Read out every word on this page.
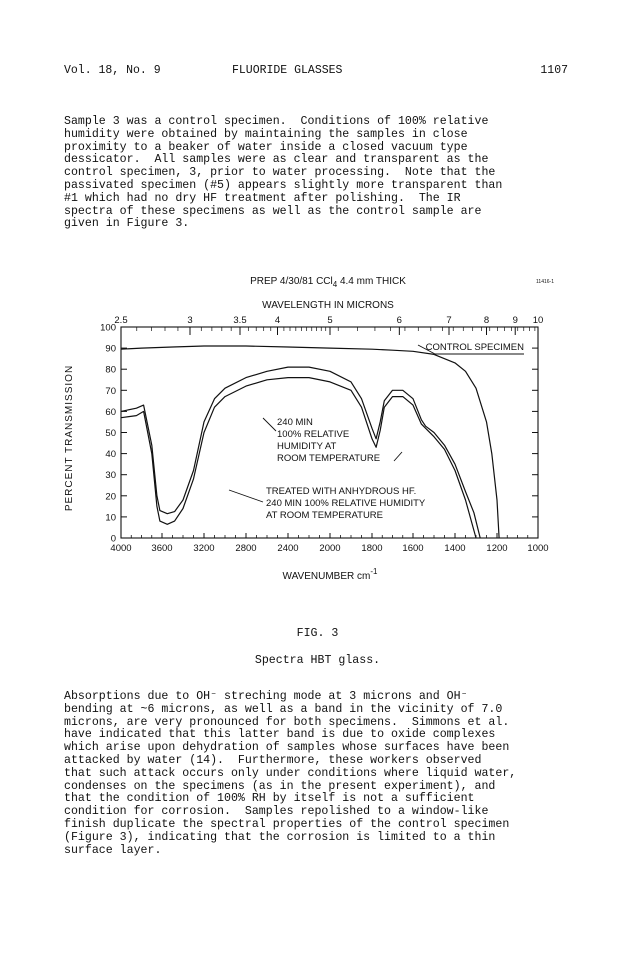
Vol. 18, No. 9	FLUORIDE GLASSES	1107
Sample 3 was a control specimen.  Conditions of 100% relative
humidity were obtained by maintaining the samples in close
proximity to a beaker of water inside a closed vacuum type
dessicator.  All samples were as clear and transparent as the
control specimen, 3, prior to water processing.  Note that the
passivated specimen (#5) appears slightly more transparent than
#1 which had no dry HF treatment after polishing.  The IR
spectra of these specimens as well as the control sample are
given in Figure 3.
PREP 4/30/81 CCl$_4$ 4.4 mm THICK	11416-1
WAVELENGTH IN MICRONS
PERCENT TRANSMISSION
WAVENUMBER $cm^{-1}$
4000 3600 3200 2800 2400 2000 1800 1600 1400 1200 1000
0
10
20
30
40
50
60
70
80
90
100
2.5	3	3.5	4	5	6	7	8 9 10
CONTROL SPECIMEN
240 MIN
100% RELATIVE
HUMIDITY AT
ROOM TEMPERATURE
TREATED WITH ANHYDROUS HF.
240 MIN 100% RELATIVE HUMIDITY
AT ROOM TEMPERATURE
FIG. 3
Spectra HBT glass.
Absorptions due to OH⁻ streching mode at 3 microns and OH⁻
bending at ~6 microns, as well as a band in the vicinity of 7.0
microns, are very pronounced for both specimens.  Simmons et al.
have indicated that this latter band is due to oxide complexes
which arise upon dehydration of samples whose surfaces have been
attacked by water (14).  Furthermore, these workers observed
that such attack occurs only under conditions where liquid water,
condenses on the specimens (as in the present experiment), and
that the condition of 100% RH by itself is not a sufficient
condition for corrosion.  Samples repolished to a window-like
finish duplicate the spectral properties of the control specimen
(Figure 3), indicating that the corrosion is limited to a thin
surface layer.
